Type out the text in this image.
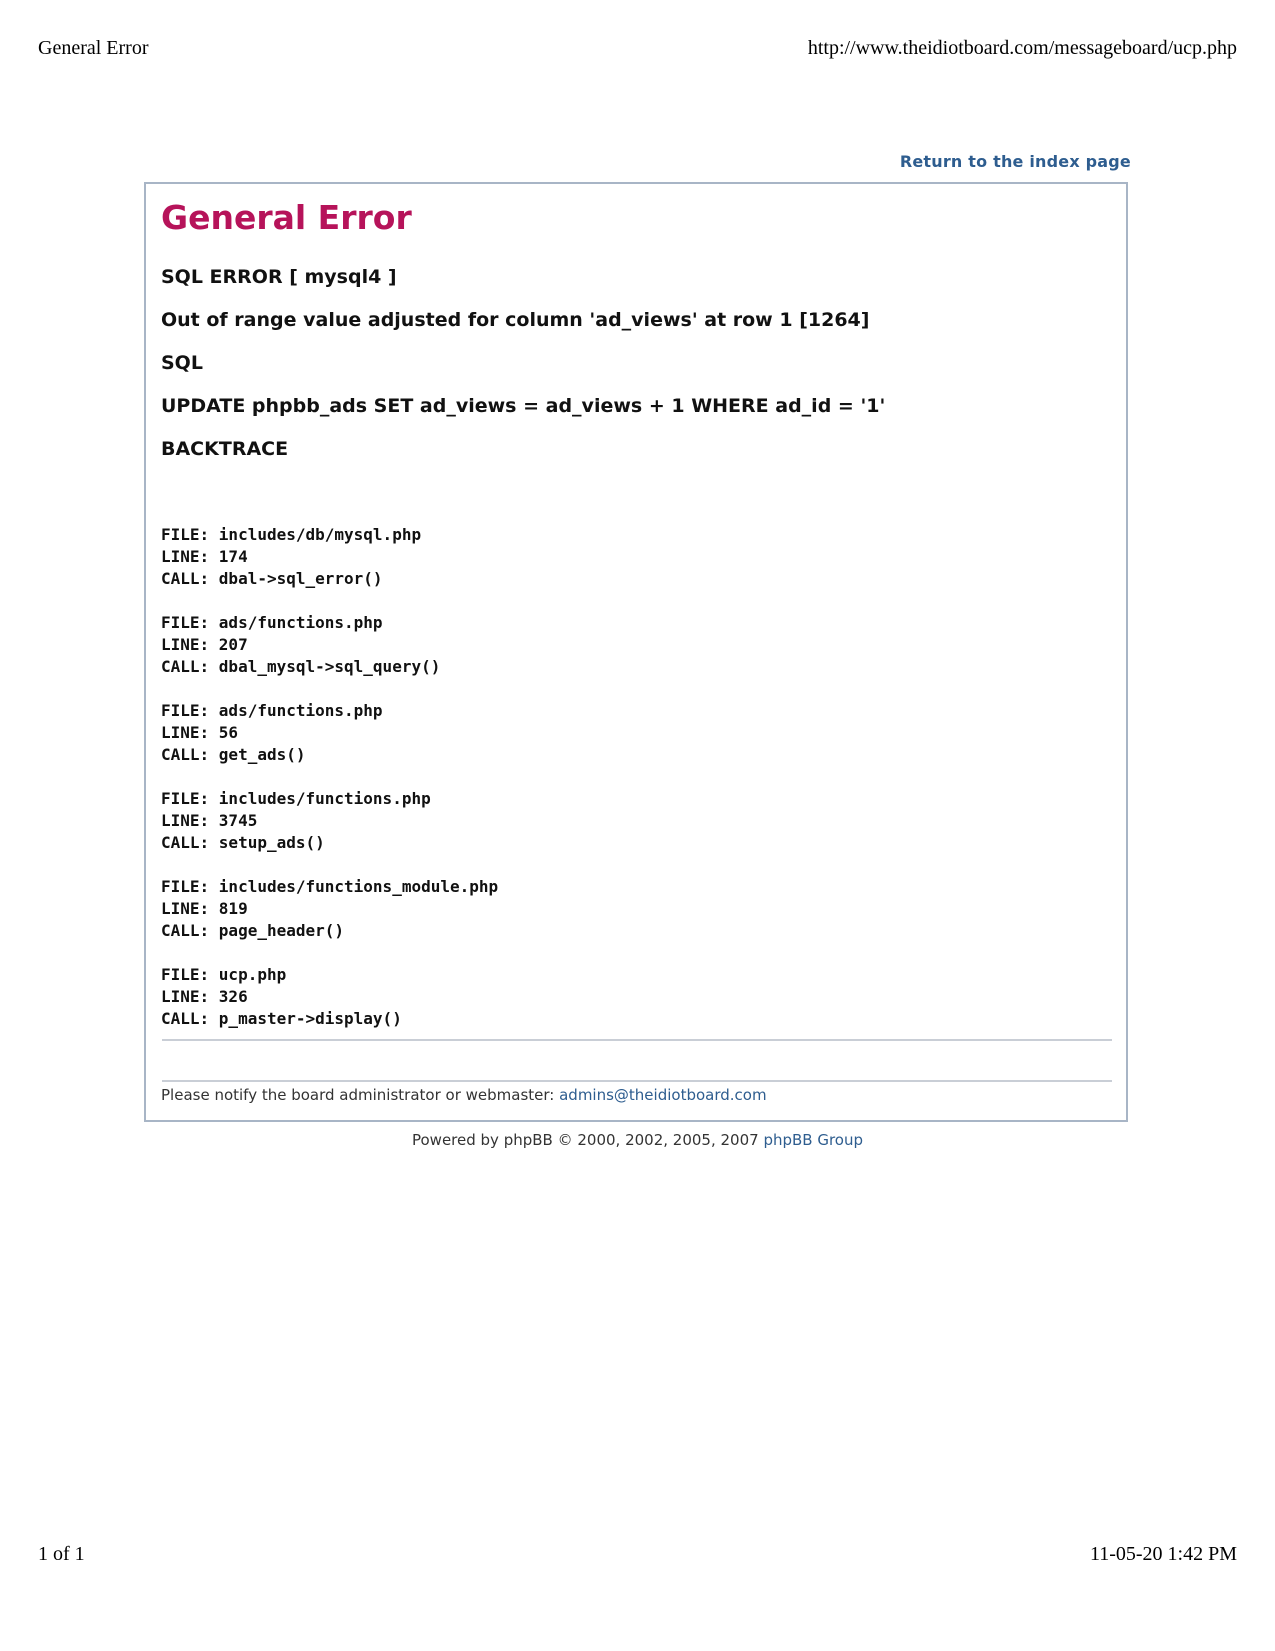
General Error	http://www.theidiotboard.com/messageboard/ucp.php
Return to the index page
General Error
SQL ERROR [ mysql4 ]
Out of range value adjusted for column 'ad_views' at row 1 [1264]
SQL
UPDATE phpbb_ads SET ad_views = ad_views + 1 WHERE ad_id = '1'
BACKTRACE
FILE: includes/db/mysql.php
LINE: 174
CALL: dbal->sql_error()
FILE: ads/functions.php
LINE: 207
CALL: dbal_mysql->sql_query()
FILE: ads/functions.php
LINE: 56
CALL: get_ads()
FILE: includes/functions.php
LINE: 3745
CALL: setup_ads()
FILE: includes/functions_module.php
LINE: 819
CALL: page_header()
FILE: ucp.php
LINE: 326
CALL: p_master->display()
Please notify the board administrator or webmaster: admins@theidiotboard.com
Powered by phpBB © 2000, 2002, 2005, 2007 phpBB Group
1 of 1	11-05-20 1:42 PM
